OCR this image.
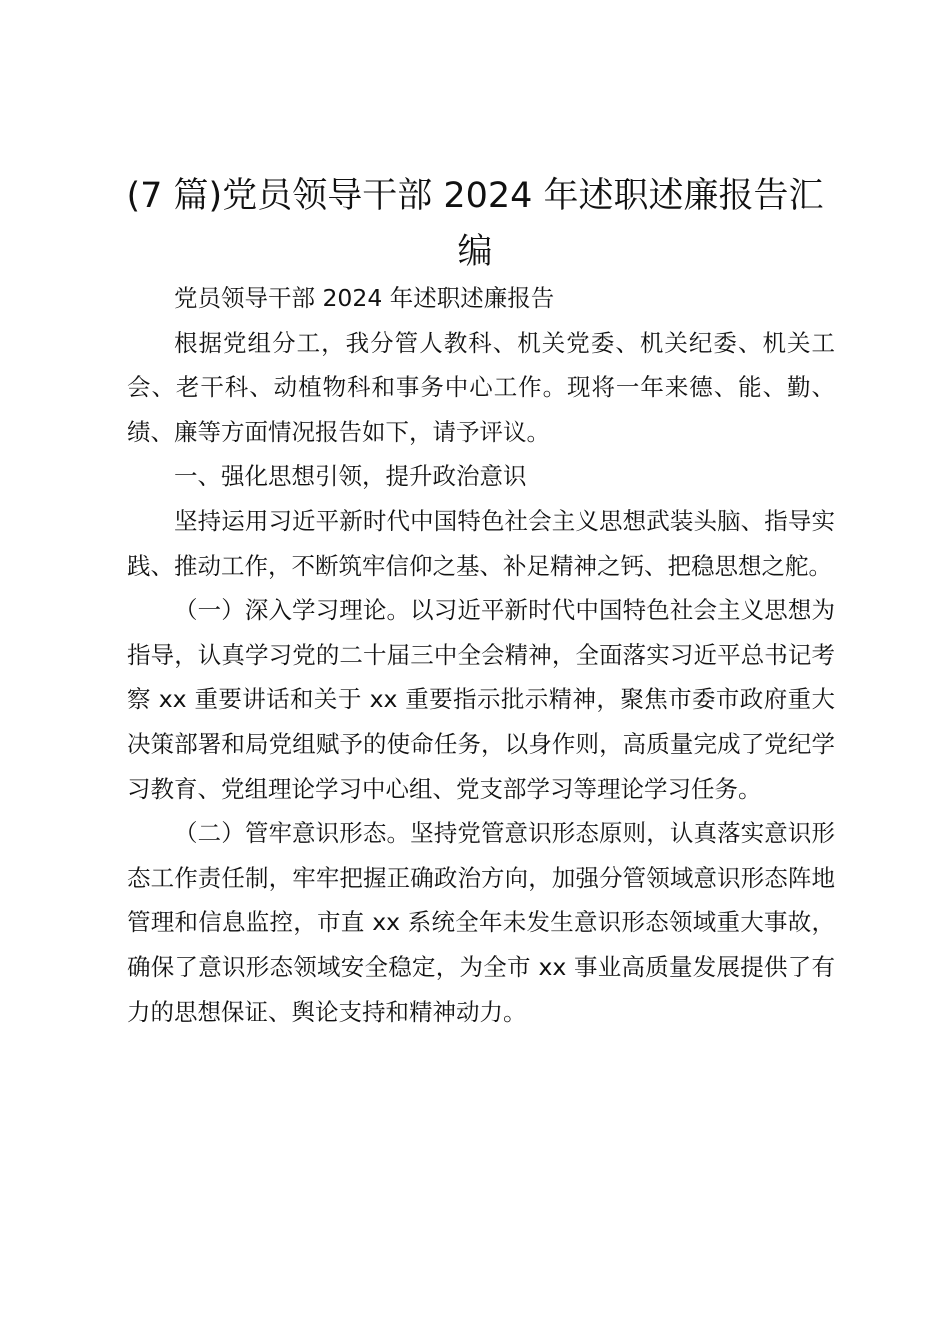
(7 篇)党员领导干部 2024 年述职述廉报告汇编

党员领导干部 2024 年述职述廉报告

根据党组分工，我分管人教科、机关党委、机关纪委、机关工会、老干科、动植物科和事务中心工作。现将一年来德、能、勤、绩、廉等方面情况报告如下，请予评议。

一、强化思想引领，提升政治意识

坚持运用习近平新时代中国特色社会主义思想武装头脑、指导实践、推动工作，不断筑牢信仰之基、补足精神之钙、把稳思想之舵。

（一）深入学习理论。以习近平新时代中国特色社会主义思想为指导，认真学习党的二十届三中全会精神，全面落实习近平总书记考察 xx 重要讲话和关于 xx 重要指示批示精神，聚焦市委市政府重大决策部署和局党组赋予的使命任务，以身作则，高质量完成了党纪学习教育、党组理论学习中心组、党支部学习等理论学习任务。

（二）管牢意识形态。坚持党管意识形态原则，认真落实意识形态工作责任制，牢牢把握正确政治方向，加强分管领域意识形态阵地管理和信息监控，市直 xx 系统全年未发生意识形态领域重大事故，确保了意识形态领域安全稳定，为全市 xx 事业高质量发展提供了有力的思想保证、舆论支持和精神动力。
